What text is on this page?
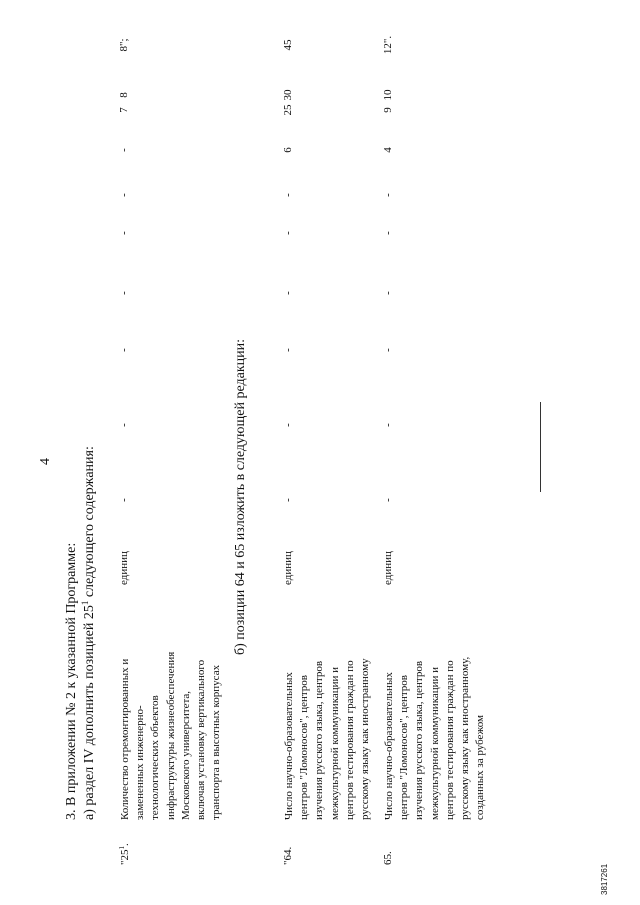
4
3. В приложении № 2 к указанной Программе: а) раздел IV дополнить позицией $25^1$ следующего содержания:
"$25^1$.
Количество отремонтированных и замененных инженерно- технологических объектов инфраструктуры жизнеобеспечения Московского университета, включая установку вертикального транспорта в высотных корпусах
единиц
-
-
-
-
-
-
-
7
8
8";
б) позиции 64 и 65 изложить в следующей редакции:
"64.
Число научно-образовательных центров "Ломоносов", центров изучения русского языка, центров межкультурной коммуникации и центров тестирования граждан по русскому языку как иностранному
единиц
-
-
-
-
-
-
6
25
30
45
65.
Число научно-образовательных центров "Ломоносов", центров изучения русского языка, центров межкультурной коммуникации и центров тестирования граждан по русскому языку как иностранному, созданных за рубежом
единиц
-
-
-
-
-
-
4
9
10
12".
3817261
